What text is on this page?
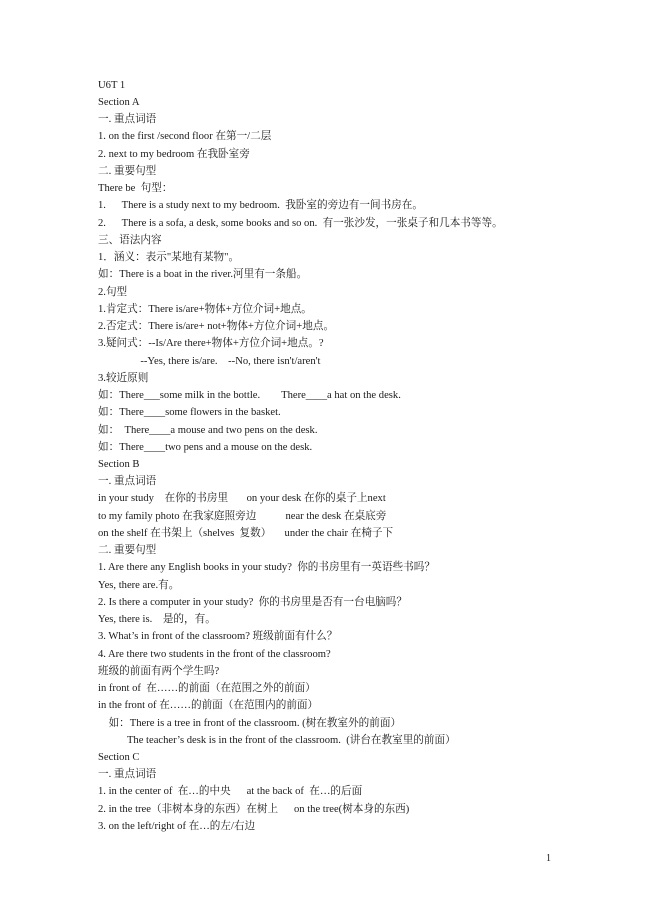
U6T 1
Section A
一. 重点词语
1. on the first /second floor 在第一/二层
2. next to my bedroom 在我卧室旁
二. 重要句型
There be  句型：
1.      There is a study next to my bedroom.  我卧室的旁边有一间书房在。
2.      There is a sofa, a desk, some books and so on.  有一张沙发，一张桌子和几本书等等。
三、语法内容
1．涵义：表示"某地有某物"。
如：There is a boat in the river.河里有一条船。
2.句型
1.肯定式：There is/are+物体+方位介词+地点。
2.否定式：There is/are+ not+物体+方位介词+地点。
3.疑问式：--Is/Are there+物体+方位介词+地点。?
--Yes, there is/are.    --No, there isn't/aren't
3.较近原则
如：There___some milk in the bottle.        There____a hat on the desk.
如：There____some flowers in the basket.
如：  There____a mouse and two pens on the desk.
如：There____two pens and a mouse on the desk.
Section B
一. 重点词语
in your study    在你的书房里       on your desk 在你的桌子上next
to my family photo 在我家庭照旁边           near the desk 在桌底旁
on the shelf 在书架上（shelves  复数）     under the chair 在椅子下
二. 重要句型
1. Are there any English books in your study?  你的书房里有一英语些书吗？
Yes, there are.有。
2. Is there a computer in your study?  你的书房里是否有一台电脑吗？
Yes, there is.    是的，有。
3. What’s in front of the classroom? 班级前面有什么？
4. Are there two students in the front of the classroom?
班级的前面有两个学生吗?
in front of  在……的前面（在范围之外的前面）
in the front of 在……的前面（在范围内的前面）
如：There is a tree in front of the classroom. (树在教室外的前面）
The teacher’s desk is in the front of the classroom.  (讲台在教室里的前面）
Section C
一. 重点词语
1. in the center of  在…的中央      at the back of  在…的后面
2. in the tree（非树本身的东西）在树上      on the tree(树本身的东西)
3. on the left/right of 在…的左/右边
1
